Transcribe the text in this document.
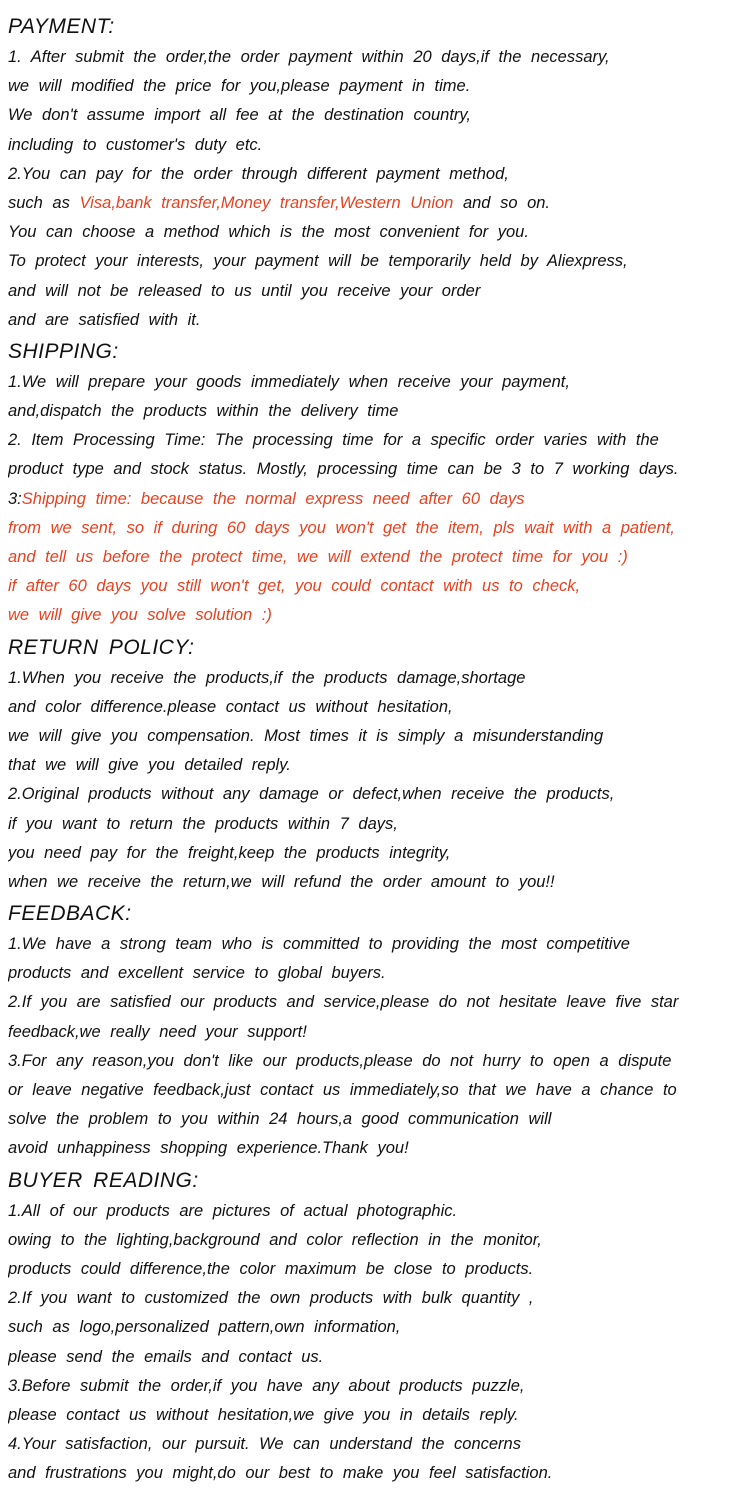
PAYMENT:
1. After submit the order,the order payment within 20 days,if the necessary,
we will modified the price for you,please payment in time.
We don't assume import all fee at the destination country,
including to customer's duty etc.
2.You can pay for the order through different payment method,
such as Visa,bank transfer,Money transfer,Western Union and so on.
You can choose a method which is the most convenient for you.
To protect your interests, your payment will be temporarily held by Aliexpress,
and will not be released to us until you receive your order
and are satisfied with it.
SHIPPING:
1.We will prepare your goods immediately when receive your payment,
and,dispatch the products within the delivery time
2. Item Processing Time: The processing time for a specific order varies with the
product type and stock status. Mostly, processing time can be 3 to 7 working days.
3:Shipping time: because the normal express need after 60 days
from we sent, so if during 60 days you won't get the item, pls wait with a patient,
and tell us before the protect time, we will extend the protect time for you :)
if after 60 days you still won't get, you could contact with us to check,
we will give you solve solution :)
RETURN POLICY:
1.When you receive the products,if the products damage,shortage
and color difference.please contact us without hesitation,
we will give you compensation. Most times it is simply a misunderstanding
that we will give you detailed reply.
2.Original products without any damage or defect,when receive the products,
if you want to return the products within 7 days,
you need pay for the freight,keep the products integrity,
when we receive the return,we will refund the order amount to you!!
FEEDBACK:
1.We have a strong team who is committed to providing the most competitive
products and excellent service to global buyers.
2.If you are satisfied our products and service,please do not hesitate leave five star
feedback,we really need your support!
3.For any reason,you don't like our products,please do not hurry to open a dispute
or leave negative feedback,just contact us immediately,so that we have a chance to
solve the problem to you within 24 hours,a good communication will
avoid unhappiness shopping experience.Thank you!
BUYER READING:
1.All of our products are pictures of actual photographic.
owing to the lighting,background and color reflection in the monitor,
products could difference,the color maximum be close to products.
2.If you want to customized the own products with bulk quantity ,
such as logo,personalized pattern,own information,
please send the emails and contact us.
3.Before submit the order,if you have any about products puzzle,
please contact us without hesitation,we give you in details reply.
4.Your satisfaction, our pursuit. We can understand the concerns
and frustrations you might,do our best to make you feel satisfaction.
